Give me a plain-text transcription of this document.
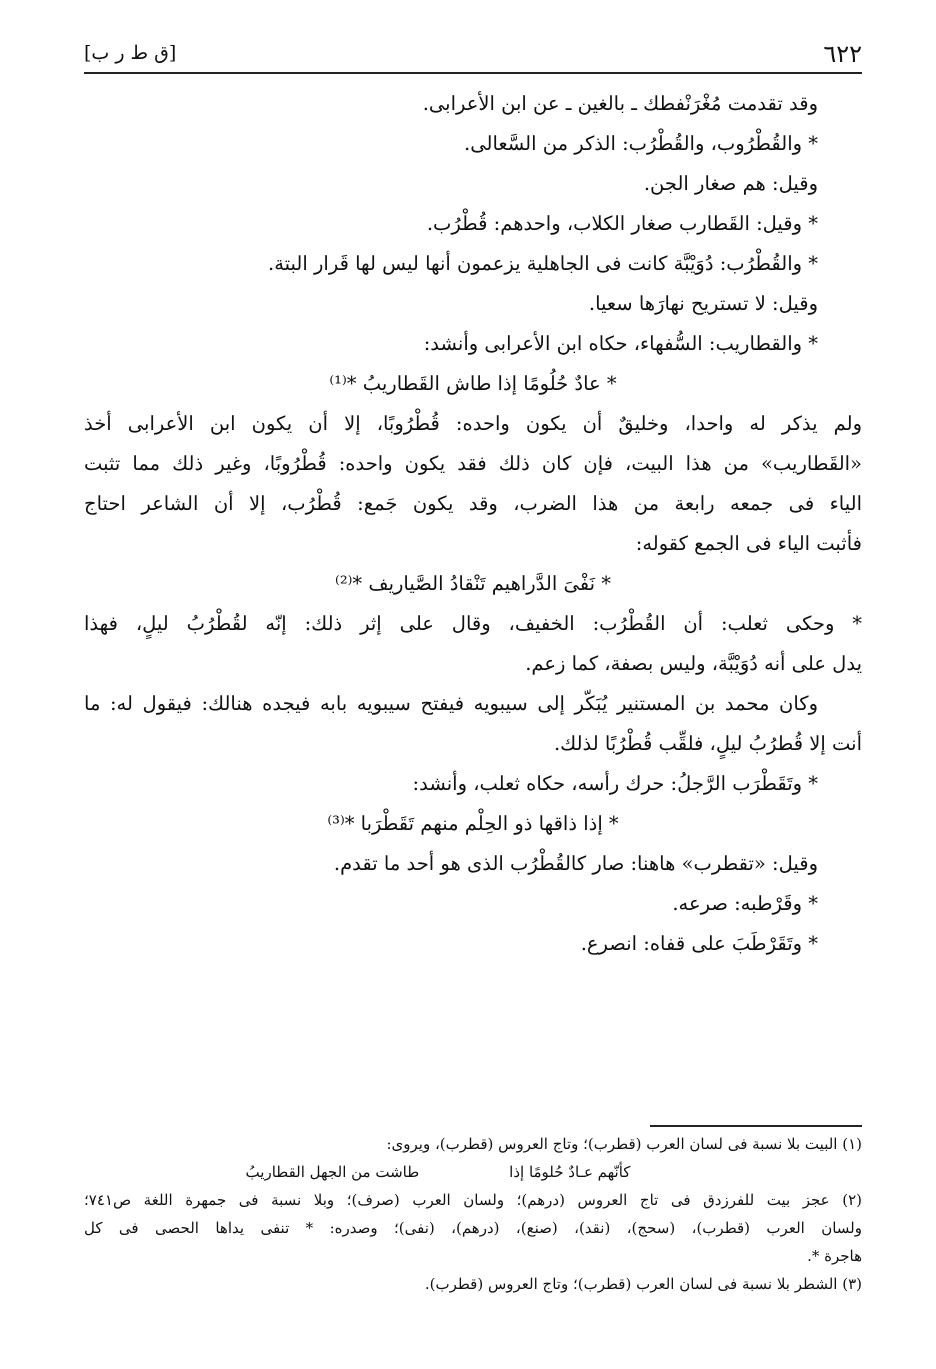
٦٢٢
[ق ط ر ب]
وقد تقدمت مُغْرَنْفطك ـ بالغين ـ عن ابن الأعرابى.
* والقُطْرُوب، والقُطْرُب: الذكر من السَّعالى.
وقيل: هم صغار الجن.
* وقيل: القَطارب صغار الكلاب، واحدهم: قُطْرُب.
* والقُطْرُب: دُوَيْبَّة كانت فى الجاهلية يزعمون أنها ليس لها قَرار البتة.
وقيل: لا تستريح نهارَها سعيا.
* والقطاريب: السُّفهاء، حكاه ابن الأعرابى وأنشد:
* عادٌ حُلُومًا إذا طاش القَطاريبُ *⁽¹⁾
ولم يذكر له واحدا، وخليقٌ أن يكون واحده: قُطْرُوبًا، إلا أن يكون ابن الأعرابى أخذ
«القَطاريب» من هذا البيت، فإن كان ذلك فقد يكون واحده: قُطْرُوبًا، وغير ذلك مما تثبت
الياء فى جمعه رابعة من هذا الضرب، وقد يكون جَمع: قُطْرُب، إلا أن الشاعر احتاج
فأثبت الياء فى الجمع كقوله:
* نَفْىَ الدَّراهيم تَنْقادُ الصَّياريف *⁽²⁾
* وحكى ثعلب: أن القُطْرُب: الخفيف، وقال على إثر ذلك: إنّه لقُطْرُبُ ليلٍ، فهذا
يدل على أنه دُوَيْبَّة، وليس بصفة، كما زعم.
وكان محمد بن المستنير يُبَكّر إلى سيبويه فيفتح سيبويه بابه فيجده هنالك: فيقول له: ما
أنت إلا قُطرُبُ ليلٍ، فلقِّب قُطْرُبًا لذلك.
* وتَقَطْرَب الرَّجلُ: حرك رأسه، حكاه ثعلب، وأنشد:
* إذا ذاقها ذو الحِلْم منهم تَقَطْرَبا *⁽³⁾
وقيل: «تقطرب» هاهنا: صار كالقُطْرُب الذى هو أحد ما تقدم.
* وقَرْطبه: صرعه.
* وتَقَرْطَبَ على قفاه: انصرع.
(١) البيت بلا نسبة فى لسان العرب (قطرب)؛ وتاج العروس (قطرب)، ويروى:
كأنّهم عـادٌ حُلومًا إذا
طاشت من الجهل القطاريبُ
(٢) عجز بيت للفرزدق فى تاج العروس (درهم)؛ ولسان العرب (صرف)؛ وبلا نسبة فى جمهرة اللغة ص٧٤١؛
ولسان العرب (قطرب)، (سحج)، (نقد)، (صنع)، (درهم)، (نفى)؛ وصدره: * تنفى يداها الحصى فى كل
هاجرة *.
(٣) الشطر بلا نسبة فى لسان العرب (قطرب)؛ وتاج العروس (قطرب).
